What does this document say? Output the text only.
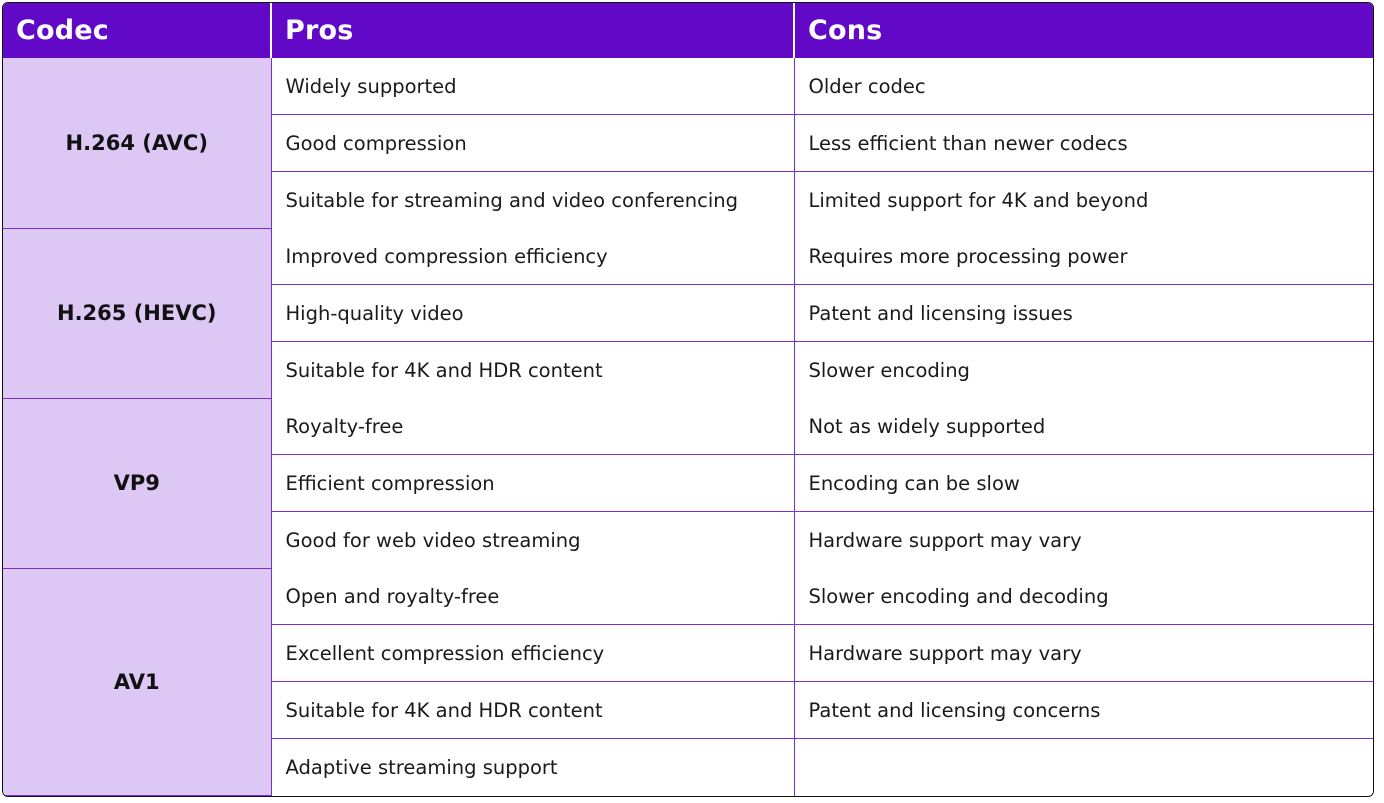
Codec	Pros	Cons
H.264 (AVC)	Widely supported	Older codec
	Good compression	Less efficient than newer codecs
	Suitable for streaming and video conferencing	Limited support for 4K and beyond
H.265 (HEVC)	Improved compression efficiency	Requires more processing power
	High-quality video	Patent and licensing issues
	Suitable for 4K and HDR content	Slower encoding
VP9	Royalty-free	Not as widely supported
	Efficient compression	Encoding can be slow
	Good for web video streaming	Hardware support may vary
AV1	Open and royalty-free	Slower encoding and decoding
	Excellent compression efficiency	Hardware support may vary
	Suitable for 4K and HDR content	Patent and licensing concerns
	Adaptive streaming support	
